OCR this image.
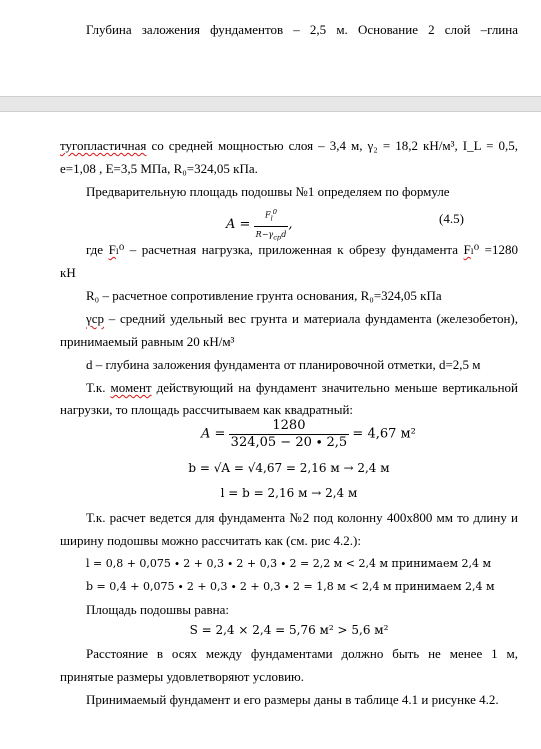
Глубина заложения фундаментов – 2,5 м. Основание 2 слой –глина
тугопластичная со средней мощностью слоя – 3,4 м, γ₂ = 18,2 кН/м³, I_L = 0,5,
e=1,08 , E=3,5 МПа, R₀=324,05 кПа.
Предварительную площадь подошвы №1 определяем по формуле
$A = \frac{F_l^0}{R-\gamma_{cp}d}$ ,	(4.5)
где Fₗ⁰ – расчетная нагрузка, приложенная к обрезу фундамента Fₗ⁰ =1280
кН
R₀ – расчетное сопротивление грунта основания, R₀=324,05 кПа
γср – средний удельный вес грунта и материала фундамента (железобетон),
принимаемый равным 20 кН/м³
d – глубина заложения фундамента от планировочной отметки, d=2,5 м
Т.к. момент действующий на фундамент значительно меньше вертикальной
нагрузки, то площадь рассчитываем как квадратный:
$A = \frac{1280}{324,05 - 20 \cdot 2,5} = 4,67$ м²
b = √A = √4,67 = 2,16 м → 2,4 м
l = b = 2,16 м → 2,4 м
Т.к. расчет ведется для фундамента №2 под колонну 400х800 мм то длину и
ширину подошвы можно рассчитать как (см. рис 4.2.):
l = 0,8 + 0,075 ∙ 2 + 0,3 ∙ 2 + 0,3 ∙ 2 = 2,2 м < 2,4 м принимаем 2,4 м
b = 0,4 + 0,075 ∙ 2 + 0,3 ∙ 2 + 0,3 ∙ 2 = 1,8 м < 2,4 м принимаем 2,4 м
Площадь подошвы равна:
S = 2,4 × 2,4 = 5,76 м² > 5,6 м²
Расстояние в осях между фундаментами должно быть не менее 1 м,
принятые размеры удовлетворяют условию.
Принимаемый фундамент и его размеры даны в таблице 4.1 и рисунке 4.2.
